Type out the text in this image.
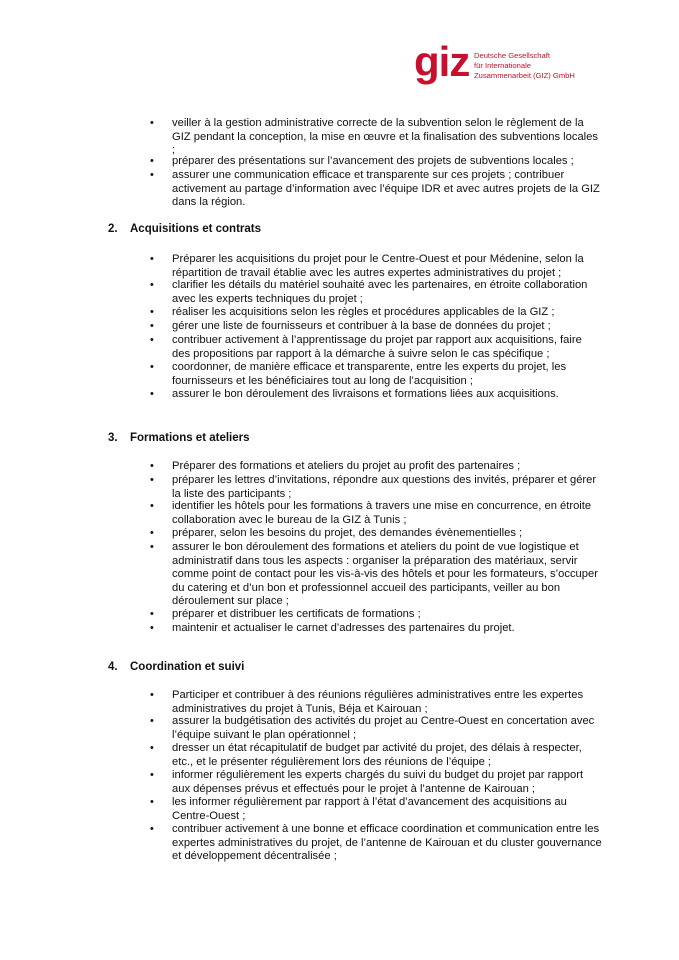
giz Deutsche Gesellschaft
für Internationale
Zusammenarbeit (GIZ) GmbH
• veiller à la gestion administrative correcte de la subvention selon le règlement de la GIZ pendant la conception, la mise en œuvre et la finalisation des subventions locales ;
• préparer des présentations sur l’avancement des projets de subventions locales ;
• assurer une communication efficace et transparente sur ces projets ; contribuer activement au partage d’information avec l’équipe IDR et avec autres projets de la GIZ dans la région.
2. Acquisitions et contrats
• Préparer les acquisitions du projet pour le Centre-Ouest et pour Médenine, selon la répartition de travail établie avec les autres expertes administratives du projet ;
• clarifier les détails du matériel souhaité avec les partenaires, en étroite collaboration avec les experts techniques du projet ;
• réaliser les acquisitions selon les règles et procédures applicables de la GIZ ;
• gérer une liste de fournisseurs et contribuer à la base de données du projet ;
• contribuer activement à l’apprentissage du projet par rapport aux acquisitions, faire des propositions par rapport à la démarche à suivre selon le cas spécifique ;
• coordonner, de manière efficace et transparente, entre les experts du projet, les fournisseurs et les bénéficiaires tout au long de l’acquisition ;
• assurer le bon déroulement des livraisons et formations liées aux acquisitions.
3. Formations et ateliers
• Préparer des formations et ateliers du projet au profit des partenaires ;
• préparer les lettres d’invitations, répondre aux questions des invités, préparer et gérer la liste des participants ;
• identifier les hôtels pour les formations à travers une mise en concurrence, en étroite collaboration avec le bureau de la GIZ à Tunis ;
• préparer, selon les besoins du projet, des demandes évènementielles ;
• assurer le bon déroulement des formations et ateliers du point de vue logistique et administratif dans tous les aspects : organiser la préparation des matériaux, servir comme point de contact pour les vis-à-vis des hôtels et pour les formateurs, s’occuper du catering et d’un bon et professionnel accueil des participants, veiller au bon déroulement sur place ;
• préparer et distribuer les certificats de formations ;
• maintenir et actualiser le carnet d’adresses des partenaires du projet.
4. Coordination et suivi
• Participer et contribuer à des réunions régulières administratives entre les expertes administratives du projet à Tunis, Béja et Kairouan ;
• assurer la budgétisation des activités du projet au Centre-Ouest en concertation avec l’équipe suivant le plan opérationnel ;
• dresser un état récapitulatif de budget par activité du projet, des délais à respecter, etc., et le présenter régulièrement lors des réunions de l’équipe ;
• informer régulièrement les experts chargés du suivi du budget du projet par rapport aux dépenses prévus et effectués pour le projet à l’antenne de Kairouan ;
• les informer régulièrement par rapport à l’état d’avancement des acquisitions au Centre-Ouest ;
• contribuer activement à une bonne et efficace coordination et communication entre les expertes administratives du projet, de l’antenne de Kairouan et du cluster gouvernance et développement décentralisée ;
